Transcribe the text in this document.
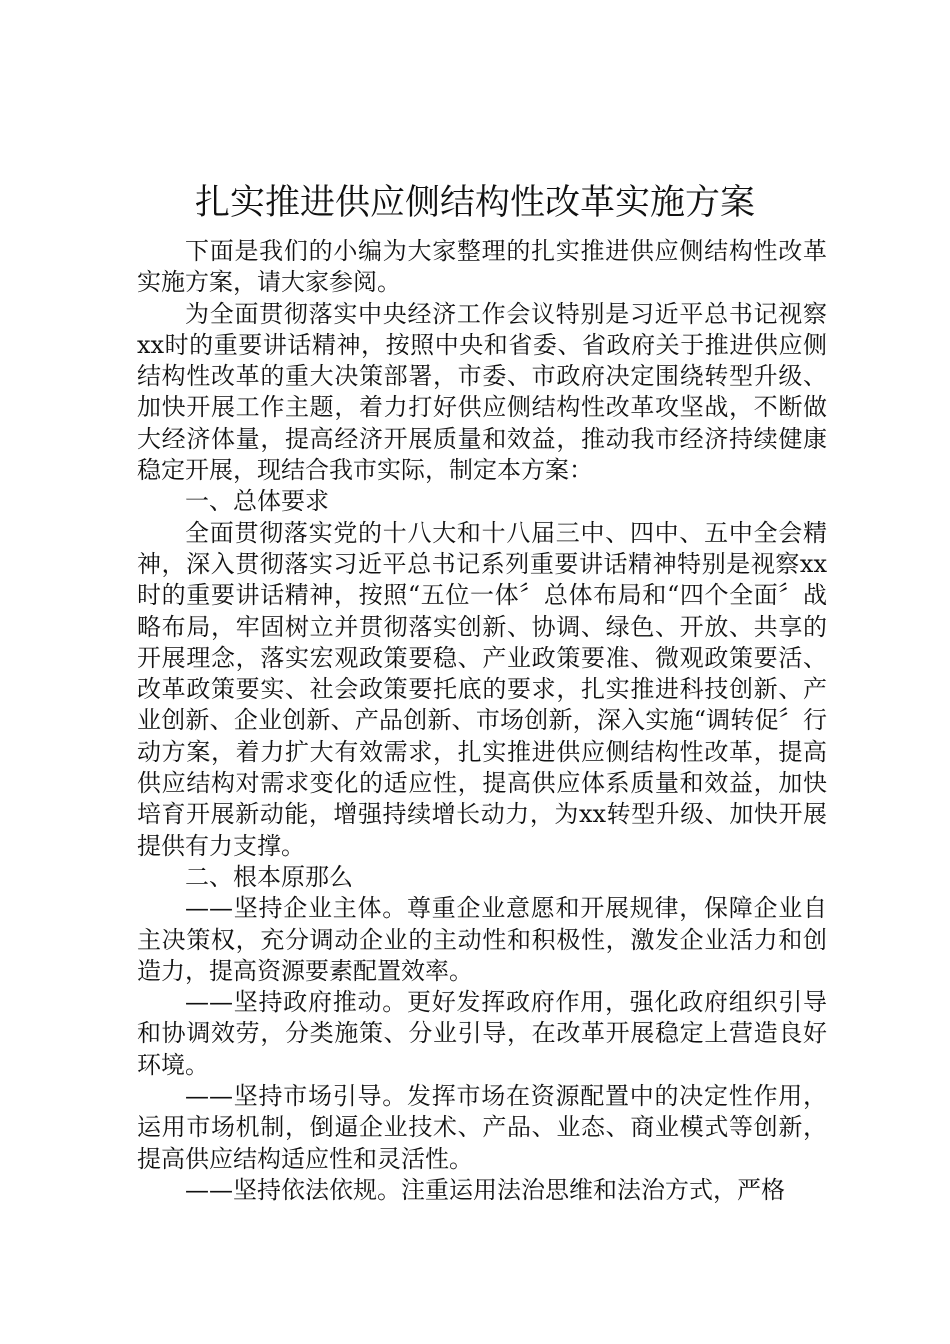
扎实推进供应侧结构性改革实施方案

下面是我们的小编为大家整理的扎实推进供应侧结构性改革实施方案，请大家参阅。

为全面贯彻落实中央经济工作会议特别是习近平总书记视察xx时的重要讲话精神，按照中央和省委、省政府关于推进供应侧结构性改革的重大决策部署，市委、市政府决定围绕转型升级、加快开展工作主题，着力打好供应侧结构性改革攻坚战，不断做大经济体量，提高经济开展质量和效益，推动我市经济持续健康稳定开展，现结合我市实际，制定本方案：

一、总体要求

全面贯彻落实党的十八大和十八届三中、四中、五中全会精神，深入贯彻落实习近平总书记系列重要讲话精神特别是视察xx时的重要讲话精神，按照“五位一体〞总体布局和“四个全面〞战略布局，牢固树立并贯彻落实创新、协调、绿色、开放、共享的开展理念，落实宏观政策要稳、产业政策要准、微观政策要活、改革政策要实、社会政策要托底的要求，扎实推进科技创新、产业创新、企业创新、产品创新、市场创新，深入实施“调转促〞行动方案，着力扩大有效需求，扎实推进供应侧结构性改革，提高供应结构对需求变化的适应性，提高供应体系质量和效益，加快培育开展新动能，增强持续增长动力，为xx转型升级、加快开展提供有力支撑。

二、根本原那么

——坚持企业主体。尊重企业意愿和开展规律，保障企业自主决策权，充分调动企业的主动性和积极性，激发企业活力和创造力，提高资源要素配置效率。

——坚持政府推动。更好发挥政府作用，强化政府组织引导和协调效劳，分类施策、分业引导，在改革开展稳定上营造良好环境。

——坚持市场引导。发挥市场在资源配置中的决定性作用，运用市场机制，倒逼企业技术、产品、业态、商业模式等创新，提高供应结构适应性和灵活性。

——坚持依法依规。注重运用法治思维和法治方式，严格
